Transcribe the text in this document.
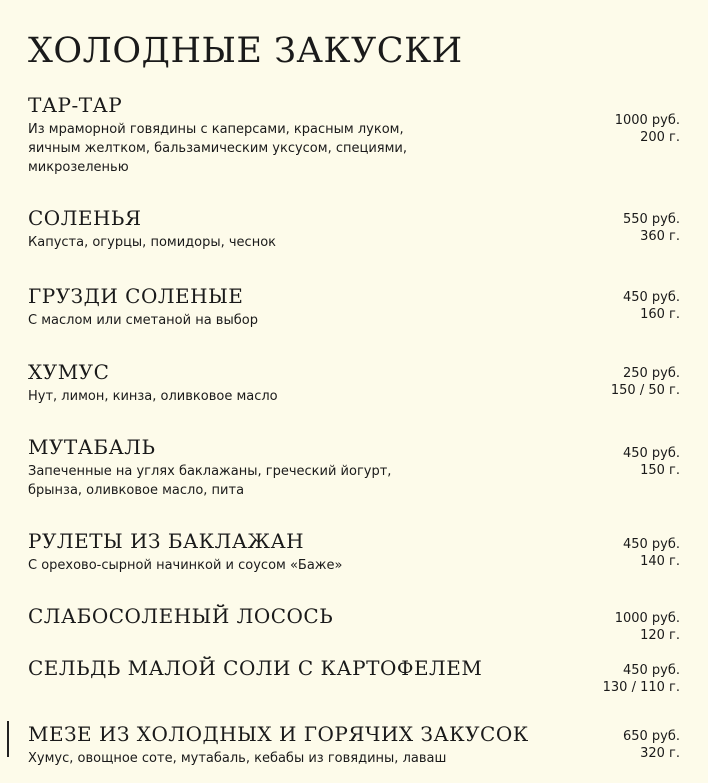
ХОЛОДНЫЕ ЗАКУСКИ
ТАР-ТАР
Из мраморной говядины с каперсами, красным луком,
яичным желтком, бальзамическим уксусом, специями,
микрозеленью
1000 руб.
200 г.
СОЛЕНЬЯ
Капуста, огурцы, помидоры, чеснок
550 руб.
360 г.
ГРУЗДИ СОЛЕНЫЕ
С маслом или сметаной на выбор
450 руб.
160 г.
ХУМУС
Нут, лимон, кинза, оливковое масло
250 руб.
150 / 50 г.
МУТАБАЛЬ
Запеченные на углях баклажаны, греческий йогурт,
брынза, оливковое масло, пита
450 руб.
150 г.
РУЛЕТЫ ИЗ БАКЛАЖАН
С орехово-сырной начинкой и соусом «Баже»
450 руб.
140 г.
СЛАБОСОЛЕНЫЙ ЛОСОСЬ	1000 руб.
120 г.
СЕЛЬДЬ МАЛОЙ СОЛИ С КАРТОФЕЛЕМ	450 руб.
130 / 110 г.
МЕЗЕ ИЗ ХОЛОДНЫХ И ГОРЯЧИХ ЗАКУСОК
Хумус, овощное соте, мутабаль, кебабы из говядины, лаваш
650 руб.
320 г.
